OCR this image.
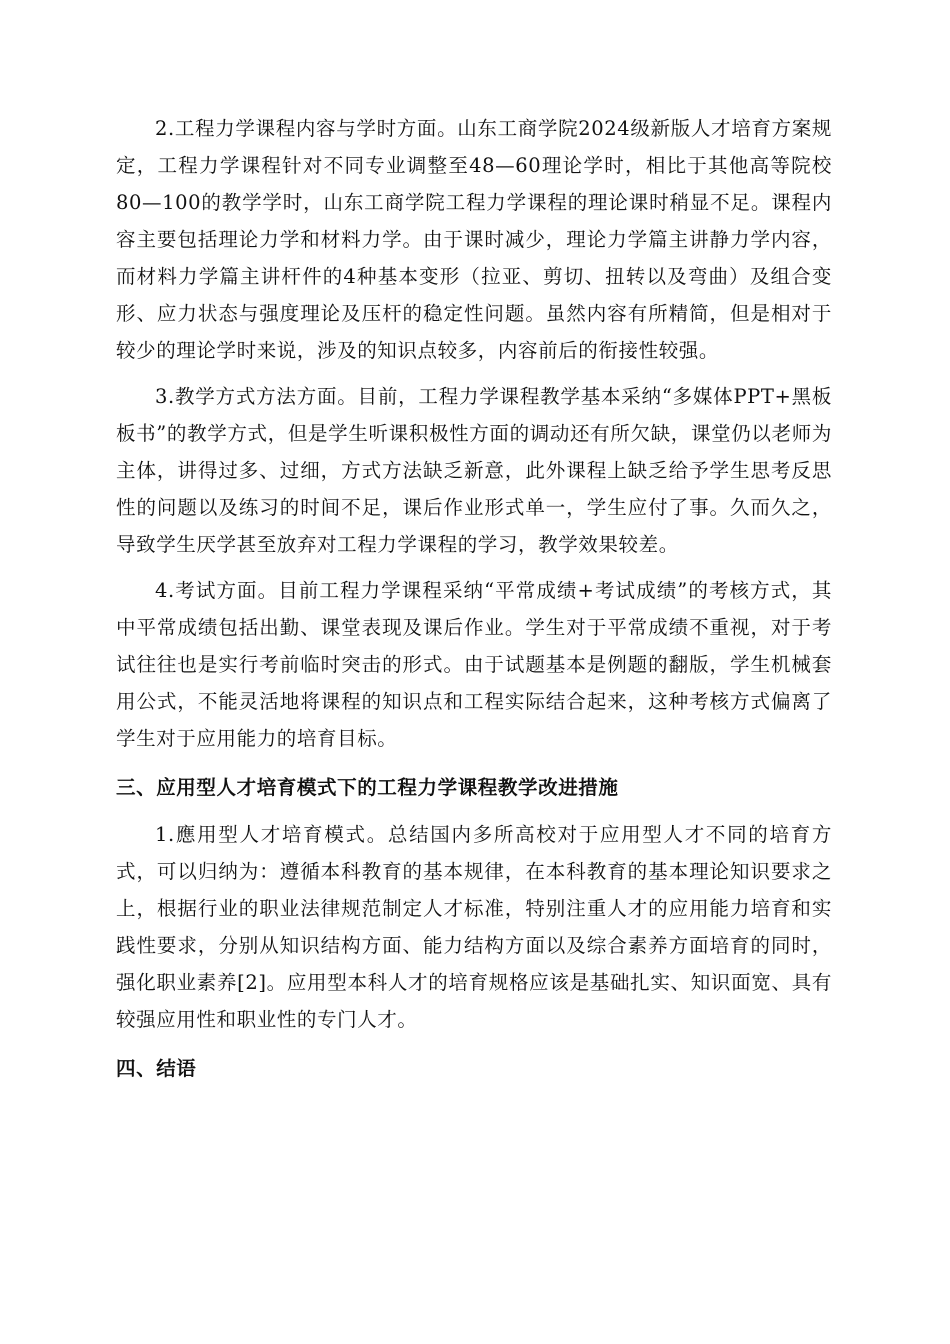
2.工程力学课程内容与学时方面。山东工商学院2024级新版人才培育方案规定，工程力学课程针对不同专业调整至48—60理论学时，相比于其他高等院校80—100的教学学时，山东工商学院工程力学课程的理论课时稍显不足。课程内容主要包括理论力学和材料力学。由于课时减少，理论力学篇主讲静力学内容，而材料力学篇主讲杆件的4种基本变形（拉亚、剪切、扭转以及弯曲）及组合变形、应力状态与强度理论及压杆的稳定性问题。虽然内容有所精简，但是相对于较少的理论学时来说，涉及的知识点较多，内容前后的衔接性较强。

3.教学方式方法方面。目前，工程力学课程教学基本采纳“多媒体PPT+黑板板书”的教学方式，但是学生听课积极性方面的调动还有所欠缺，课堂仍以老师为主体，讲得过多、过细，方式方法缺乏新意，此外课程上缺乏给予学生思考反思性的问题以及练习的时间不足，课后作业形式单一，学生应付了事。久而久之，导致学生厌学甚至放弃对工程力学课程的学习，教学效果较差。

4.考试方面。目前工程力学课程采纳“平常成绩+考试成绩”的考核方式，其中平常成绩包括出勤、课堂表现及课后作业。学生对于平常成绩不重视，对于考试往往也是实行考前临时突击的形式。由于试题基本是例题的翻版，学生机械套用公式，不能灵活地将课程的知识点和工程实际结合起来，这种考核方式偏离了学生对于应用能力的培育目标。

三、应用型人才培育模式下的工程力学课程教学改进措施

1.應用型人才培育模式。总结国内多所高校对于应用型人才不同的培育方式，可以归纳为：遵循本科教育的基本规律，在本科教育的基本理论知识要求之上，根据行业的职业法律规范制定人才标准，特别注重人才的应用能力培育和实践性要求，分别从知识结构方面、能力结构方面以及综合素养方面培育的同时，强化职业素养[2]。应用型本科人才的培育规格应该是基础扎实、知识面宽、具有较强应用性和职业性的专门人才。

四、结语
